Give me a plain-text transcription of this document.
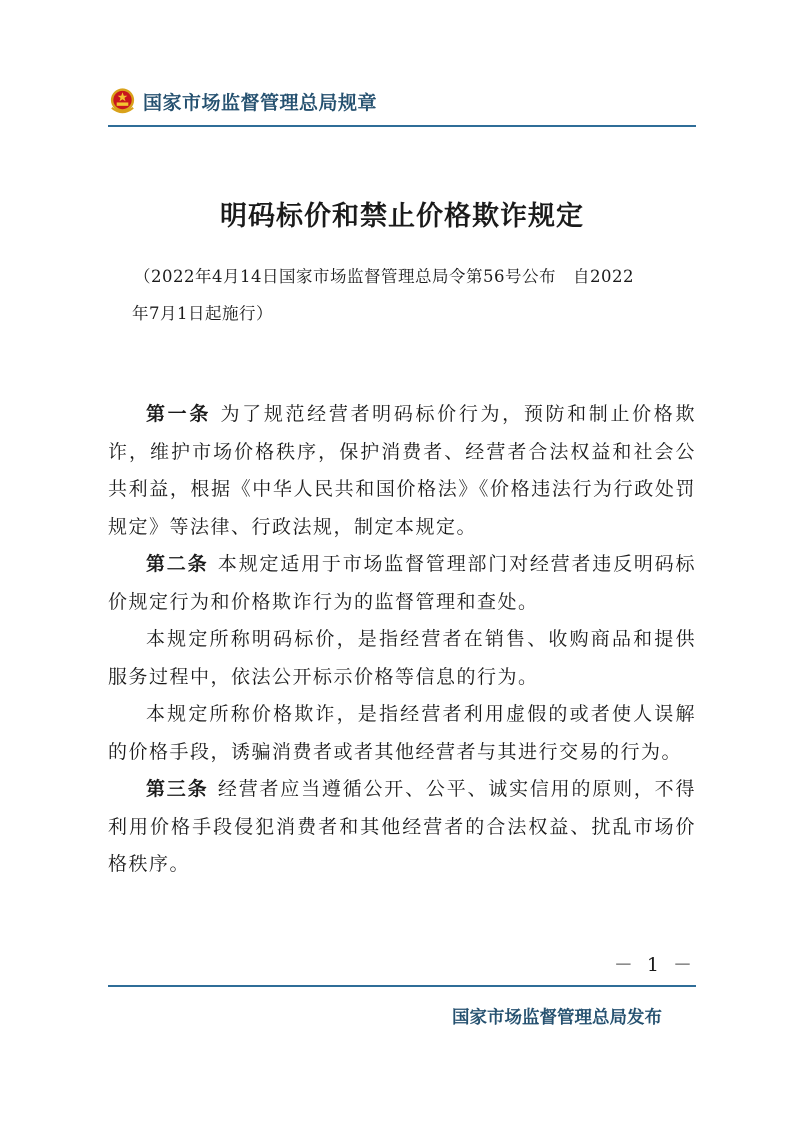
国家市场监督管理总局规章
明码标价和禁止价格欺诈规定
（2022年4月14日国家市场监督管理总局令第56号公布　自2022
年7月1日起施行）

第一条 为了规范经营者明码标价行为，预防和制止价格欺诈，维护市场价格秩序，保护消费者、经营者合法权益和社会公共利益，根据《中华人民共和国价格法》《价格违法行为行政处罚规定》等法律、行政法规，制定本规定。

第二条 本规定适用于市场监督管理部门对经营者违反明码标价规定行为和价格欺诈行为的监督管理和查处。

本规定所称明码标价，是指经营者在销售、收购商品和提供服务过程中，依法公开标示价格等信息的行为。

本规定所称价格欺诈，是指经营者利用虚假的或者使人误解的价格手段，诱骗消费者或者其他经营者与其进行交易的行为。

第三条 经营者应当遵循公开、公平、诚实信用的原则，不得利用价格手段侵犯消费者和其他经营者的合法权益、扰乱市场价格秩序。

－ 1 －
国家市场监督管理总局发布
